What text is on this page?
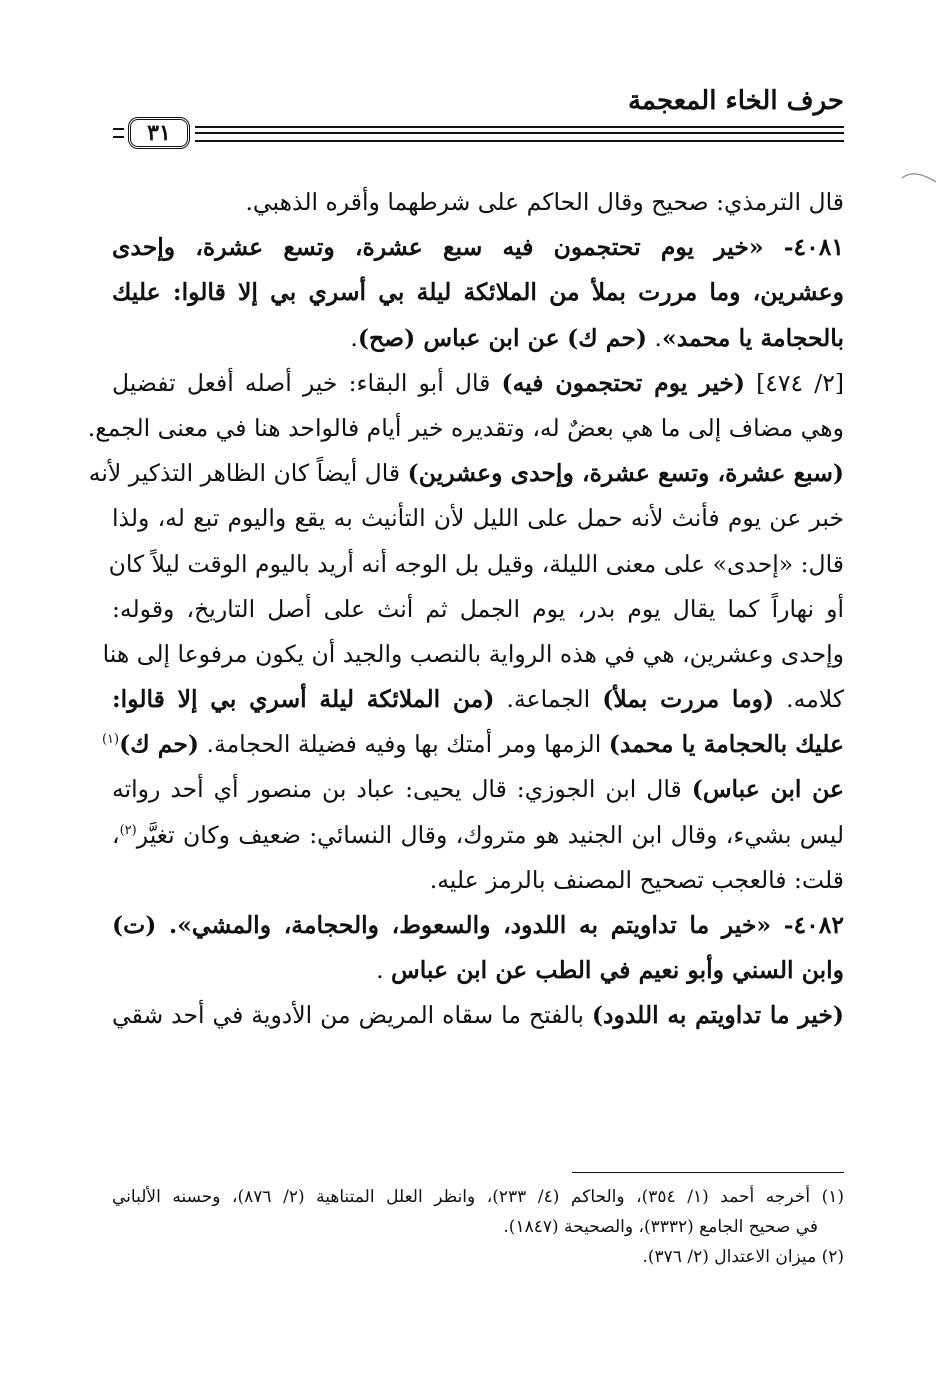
حرف الخاء المعجمة
٣١
قال الترمذي: صحيح وقال الحاكم على شرطهما وأقره الذهبي.
٤٠٨١- «خير يوم تحتجمون فيه سبع عشرة، وتسع عشرة، وإحدى
وعشرين، وما مررت بملأ من الملائكة ليلة بي أسري بي إلا قالوا: عليك
بالحجامة يا محمد». (حم ك) عن ابن عباس (صح).
[٢/ ٤٧٤] (خير يوم تحتجمون فيه) قال أبو البقاء: خير أصله أفعل تفضيل
وهي مضاف إلى ما هي بعضٌ له، وتقديره خير أيام فالواحد هنا في معنى الجمع.
(سبع عشرة، وتسع عشرة، وإحدى وعشرين) قال أيضاً كان الظاهر التذكير لأنه
خبر عن يوم فأنث لأنه حمل على الليل لأن التأنيث به يقع واليوم تبع له، ولذا
قال: «إحدى» على معنى الليلة، وقيل بل الوجه أنه أريد باليوم الوقت ليلاً كان
أو نهاراً كما يقال يوم بدر، يوم الجمل ثم أنث على أصل التاريخ، وقوله:
وإحدى وعشرين، هي في هذه الرواية بالنصب والجيد أن يكون مرفوعا إلى هنا
كلامه. (وما مررت بملأ) الجماعة. (من الملائكة ليلة أسري بي إلا قالوا:
عليك بالحجامة يا محمد) الزمها ومر أمتك بها وفيه فضيلة الحجامة. (حم ك)$^{(١)}$
عن ابن عباس) قال ابن الجوزي: قال يحيى: عباد بن منصور أي أحد رواته
ليس بشيء، وقال ابن الجنيد هو متروك، وقال النسائي: ضعيف وكان تغيَّر$^{(٢)}$،
قلت: فالعجب تصحيح المصنف بالرمز عليه.
٤٠٨٢- «خير ما تداويتم به اللدود، والسعوط، والحجامة، والمشي». (ت)
وابن السني وأبو نعيم في الطب عن ابن عباس .
(خير ما تداويتم به اللدود) بالفتح ما سقاه المريض من الأدوية في أحد شقي
(١) أخرجه أحمد (١/ ٣٥٤)، والحاكم (٤/ ٢٣٣)، وانظر العلل المتناهية (٢/ ٨٧٦)، وحسنه الألباني
في صحيح الجامع (٣٣٣٢)، والصحيحة (١٨٤٧).
(٢) ميزان الاعتدال (٢/ ٣٧٦).
